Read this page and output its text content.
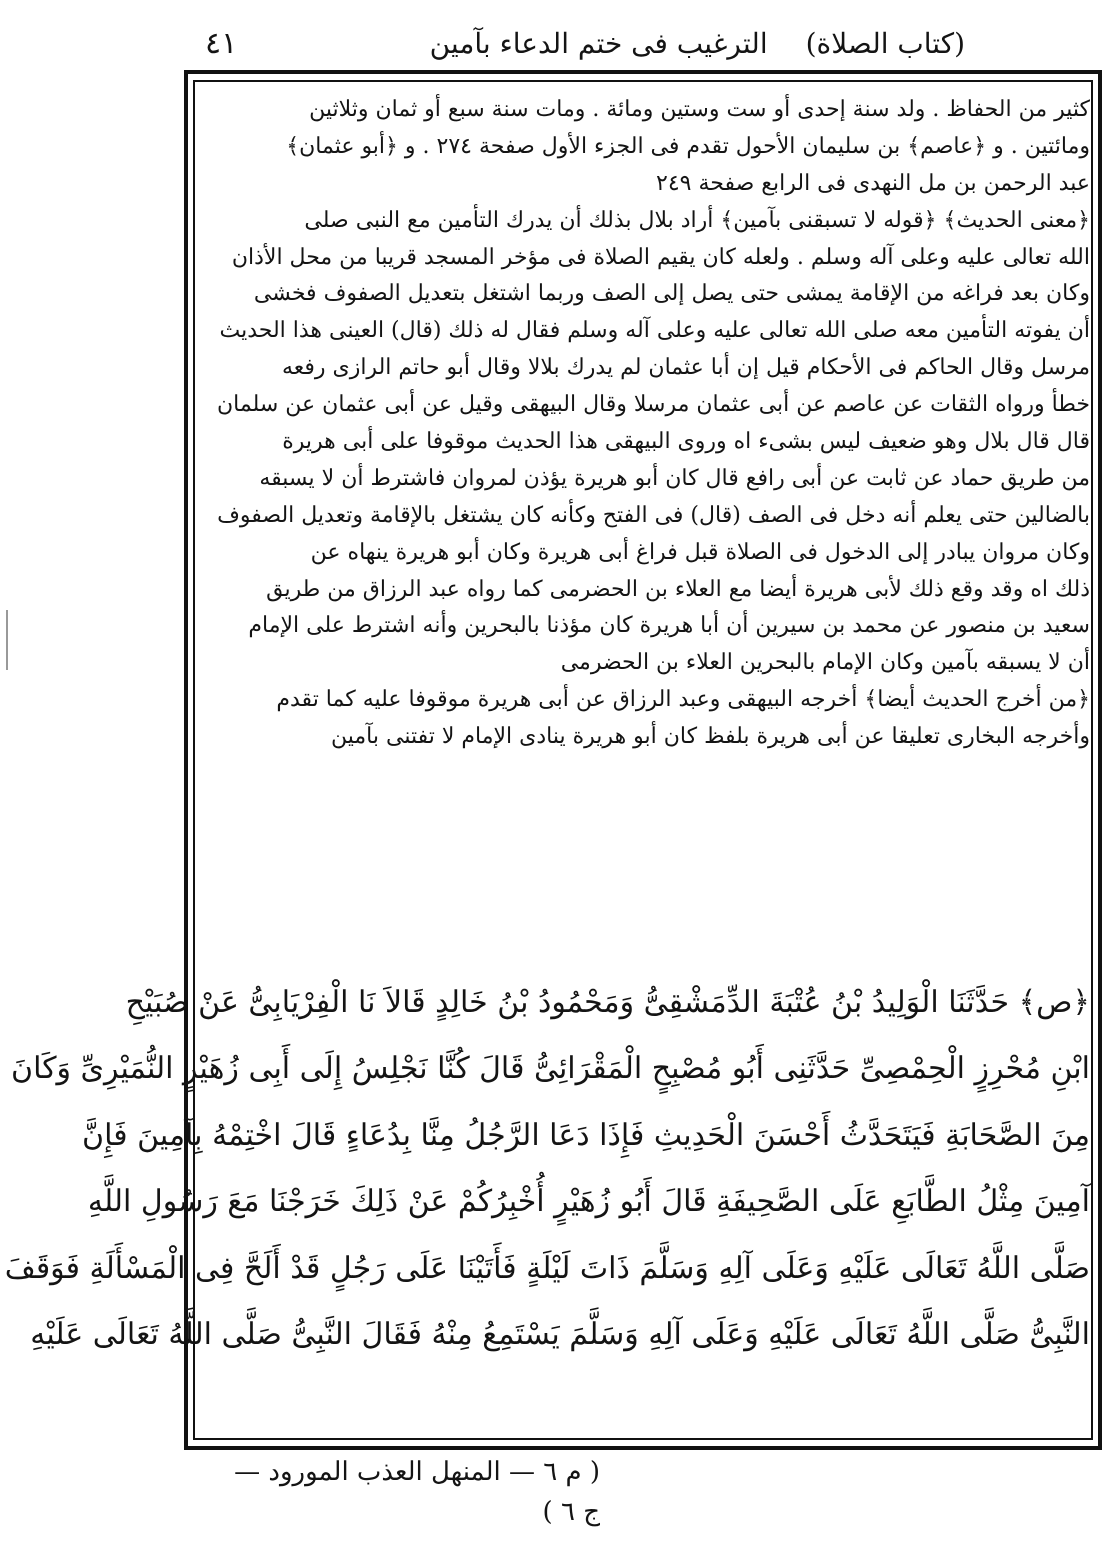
(كتاب الصلاة)
الترغيب فى ختم الدعاء بآمين
٤١
كثير من الحفاظ . ولد سنة إحدى أو ست وستين ومائة . ومات سنة سبع أو ثمان وثلاثين
ومائتين . و ﴿عاصم﴾ بن سليمان الأحول تقدم فى الجزء الأول صفحة ٢٧٤ . و ﴿أبو عثمان﴾
عبد الرحمن بن مل النهدى فى الرابع صفحة ٢٤٩
﴿معنى الحديث﴾ ﴿قوله لا تسبقنى بآمين﴾ أراد بلال بذلك أن يدرك التأمين مع النبى صلى
الله تعالى عليه وعلى آله وسلم . ولعله كان يقيم الصلاة فى مؤخر المسجد قريبا من محل الأذان
وكان بعد فراغه من الإقامة يمشى حتى يصل إلى الصف وربما اشتغل بتعديل الصفوف فخشى
أن يفوته التأمين معه صلى الله تعالى عليه وعلى آله وسلم فقال له ذلك (قال) العينى هذا الحديث
مرسل وقال الحاكم فى الأحكام قيل إن أبا عثمان لم يدرك بلالا وقال أبو حاتم الرازى رفعه
خطأ ورواه الثقات عن عاصم عن أبى عثمان مرسلا وقال البيهقى وقيل عن أبى عثمان عن سلمان
قال قال بلال وهو ضعيف ليس بشىء اه وروى البيهقى هذا الحديث موقوفا على أبى هريرة
من طريق حماد عن ثابت عن أبى رافع قال كان أبو هريرة يؤذن لمروان فاشترط أن لا يسبقه
بالضالين حتى يعلم أنه دخل فى الصف (قال) فى الفتح وكأنه كان يشتغل بالإقامة وتعديل الصفوف
وكان مروان يبادر إلى الدخول فى الصلاة قبل فراغ أبى هريرة وكان أبو هريرة ينهاه عن
ذلك اه وقد وقع ذلك لأبى هريرة أيضا مع العلاء بن الحضرمى كما رواه عبد الرزاق من طريق
سعيد بن منصور عن محمد بن سيرين أن أبا هريرة كان مؤذنا بالبحرين وأنه اشترط على الإمام
أن لا يسبقه بآمين وكان الإمام بالبحرين العلاء بن الحضرمى
﴿من أخرج الحديث أيضا﴾ أخرجه البيهقى وعبد الرزاق عن أبى هريرة موقوفا عليه كما تقدم
وأخرجه البخارى تعليقا عن أبى هريرة بلفظ كان أبو هريرة ينادى الإمام لا تفتنى بآمين
﴿ص﴾ حَدَّثَنَا الْوَلِيدُ بْنُ عُتْبَةَ الدِّمَشْقِىُّ وَمَحْمُودُ بْنُ خَالِدٍ قَالاَ نَا الْفِرْيَابِىُّ عَنْ صُبَيْحِ
ابْنِ مُحْرِزٍ الْحِمْصِىِّ حَدَّثَنِى أَبُو مُصْبِحٍ الْمَقْرَائِىُّ قَالَ كُنَّا نَجْلِسُ إِلَى أَبِى زُهَيْرٍ النُّمَيْرِىِّ وَكَانَ
مِنَ الصَّحَابَةِ فَيَتَحَدَّثُ أَحْسَنَ الْحَدِيثِ فَإِذَا دَعَا الرَّجُلُ مِنَّا بِدُعَاءٍ قَالَ اخْتِمْهُ بِآمِينَ فَإِنَّ
آمِينَ مِثْلُ الطَّابَعِ عَلَى الصَّحِيفَةِ قَالَ أَبُو زُهَيْرٍ أُخْبِرُكُمْ عَنْ ذَلِكَ خَرَجْنَا مَعَ رَسُولِ اللَّهِ
صَلَّى اللَّهُ تَعَالَى عَلَيْهِ وَعَلَى آلِهِ وَسَلَّمَ ذَاتَ لَيْلَةٍ فَأَتَيْنَا عَلَى رَجُلٍ قَدْ أَلَحَّ فِى الْمَسْأَلَةِ فَوَقَفَ
النَّبِىُّ صَلَّى اللَّهُ تَعَالَى عَلَيْهِ وَعَلَى آلِهِ وَسَلَّمَ يَسْتَمِعُ مِنْهُ فَقَالَ النَّبِىُّ صَلَّى اللَّهُ تَعَالَى عَلَيْهِ
( م ٦ — المنهل العذب المورود — ج ٦ )
